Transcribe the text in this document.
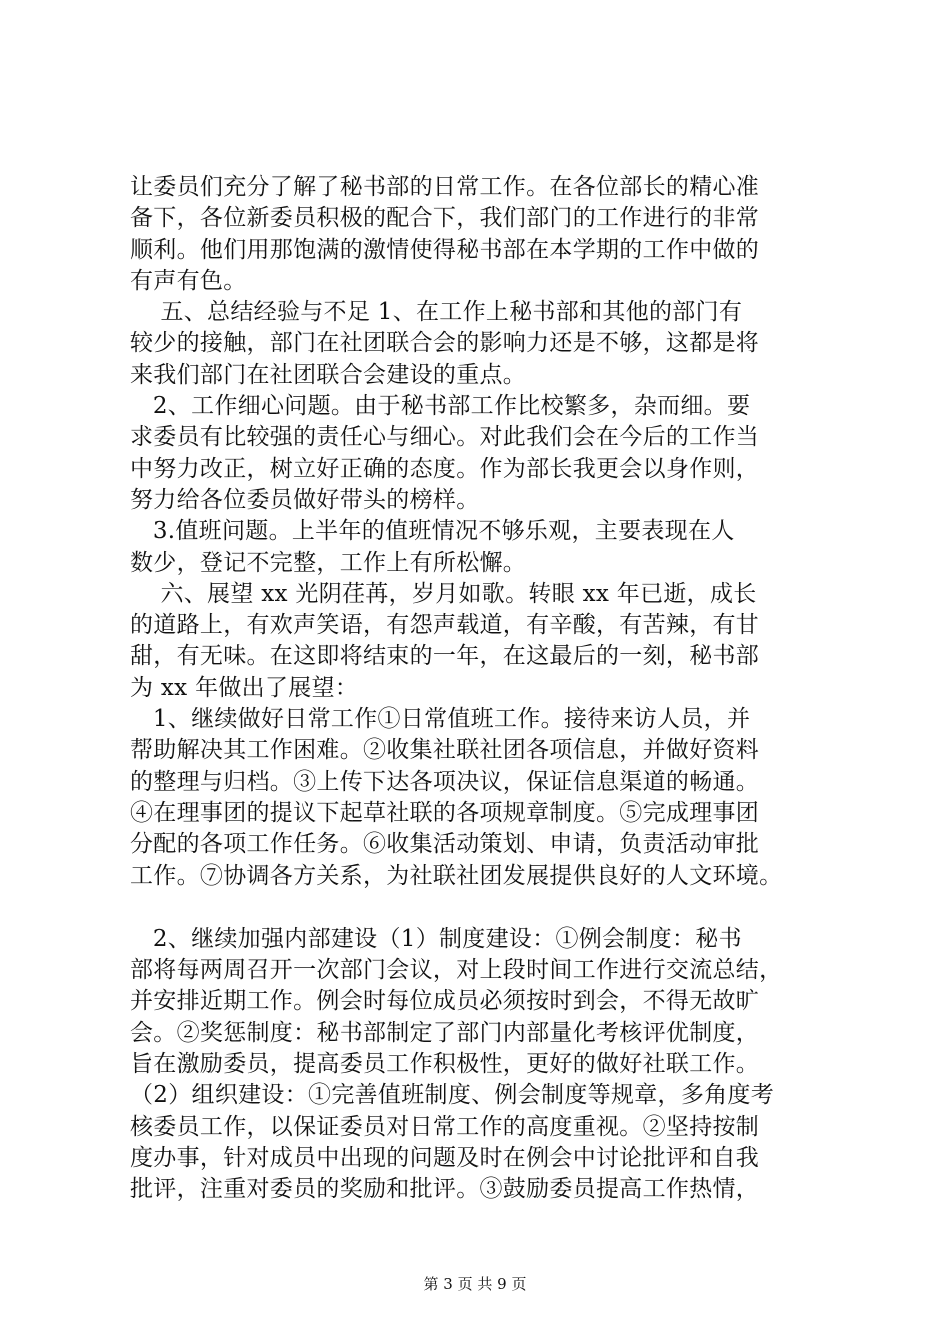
让委员们充分了解了秘书部的日常工作。在各位部长的精心准
备下，各位新委员积极的配合下，我们部门的工作进行的非常
顺利。他们用那饱满的激情使得秘书部在本学期的工作中做的
有声有色。
五、总结经验与不足 1、在工作上秘书部和其他的部门有
较少的接触，部门在社团联合会的影响力还是不够，这都是将
来我们部门在社团联合会建设的重点。
2、工作细心问题。由于秘书部工作比校繁多，杂而细。要
求委员有比较强的责任心与细心。对此我们会在今后的工作当
中努力改正，树立好正确的态度。作为部长我更会以身作则，
努力给各位委员做好带头的榜样。
3.值班问题。上半年的值班情况不够乐观，主要表现在人
数少，登记不完整，工作上有所松懈。
六、展望 xx 光阴荏苒，岁月如歌。转眼 xx 年已逝，成长
的道路上，有欢声笑语，有怨声载道，有辛酸，有苦辣，有甘
甜，有无味。在这即将结束的一年，在这最后的一刻，秘书部
为 xx 年做出了展望：
1、继续做好日常工作①日常值班工作。接待来访人员，并
帮助解决其工作困难。②收集社联社团各项信息，并做好资料
的整理与归档。③上传下达各项决议，保证信息渠道的畅通。
④在理事团的提议下起草社联的各项规章制度。⑤完成理事团
分配的各项工作任务。⑥收集活动策划、申请，负责活动审批
工作。⑦协调各方关系，为社联社团发展提供良好的人文环境。
2、继续加强内部建设（1）制度建设：①例会制度：秘书
部将每两周召开一次部门会议，对上段时间工作进行交流总结，
并安排近期工作。例会时每位成员必须按时到会，不得无故旷
会。②奖惩制度：秘书部制定了部门内部量化考核评优制度，
旨在激励委员，提高委员工作积极性，更好的做好社联工作。
（2）组织建设：①完善值班制度、例会制度等规章，多角度考
核委员工作，以保证委员对日常工作的高度重视。②坚持按制
度办事，针对成员中出现的问题及时在例会中讨论批评和自我
批评，注重对委员的奖励和批评。③鼓励委员提高工作热情，
第 3 页 共 9 页
